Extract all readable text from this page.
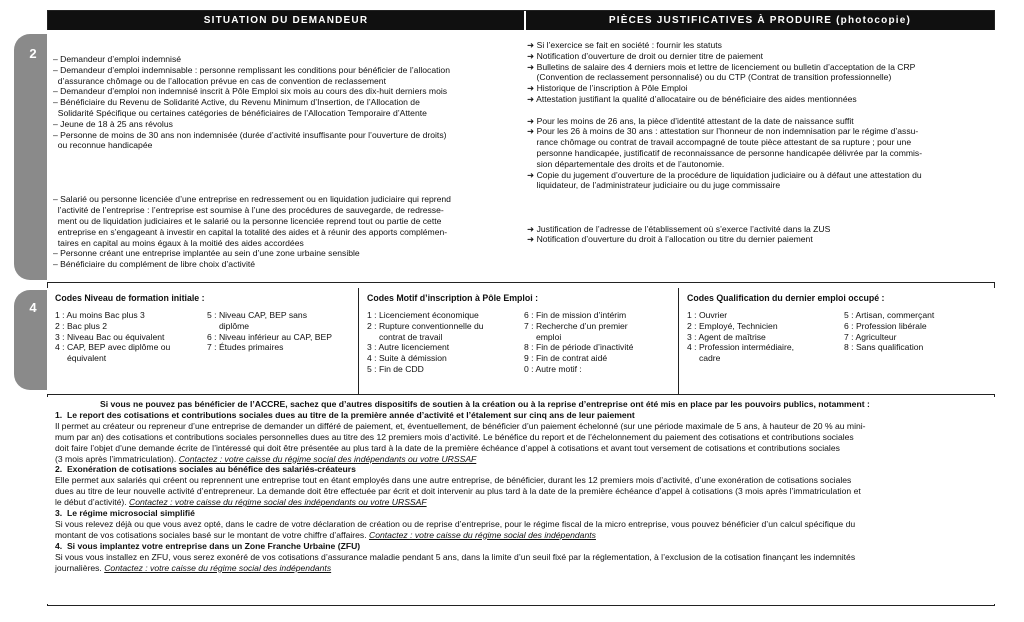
2
4
SITUATION DU DEMANDEUR	PIÈCES JUSTIFICATIVES À PRODUIRE (photocopie)
– Demandeur d’emploi indemnisé
– Demandeur d’emploi indemnisable : personne remplissant les conditions pour bénéficier de l’allocation
d’assurance chômage ou de l’allocation prévue en cas de convention de reclassement
– Demandeur d’emploi non indemnisé inscrit à Pôle Emploi six mois au cours des dix-huit derniers mois
– Bénéficiaire du Revenu de Solidarité Active, du Revenu Minimum d’Insertion, de l’Allocation de
Solidarité Spécifique ou certaines catégories de bénéficiaires de l’Allocation Temporaire d’Attente
– Jeune de 18 à 25 ans révolus
– Personne de moins de 30 ans non indemnisée (durée d’activité insuffisante pour l’ouverture de droits)
ou reconnue handicapée

– Salarié ou personne licenciée d’une entreprise en redressement ou en liquidation judiciaire qui reprend
l’activité de l’entreprise : l’entreprise est soumise à l’une des procédures de sauvegarde, de redresse-
ment ou de liquidation judiciaires et le salarié ou la personne licenciée reprend tout ou partie de cette
entreprise en s’engageant à investir en capital la totalité des aides et à réunir des apports complémen-
taires en capital au moins égaux à la moitié des aides accordées
– Personne créant une entreprise implantée au sein d’une zone urbaine sensible
– Bénéficiaire du complément de libre choix d’activité
➜ Si l’exercice se fait en société : fournir les statuts
➜ Notification d’ouverture de droit ou dernier titre de paiement
➜ Bulletins de salaire des 4 derniers mois et lettre de licenciement ou bulletin d’acceptation de la CRP
(Convention de reclassement personnalisé) ou du CTP (Contrat de transition professionnelle)
➜ Historique de l’inscription à Pôle Emploi
➜ Attestation justifiant la qualité d’allocataire ou de bénéficiaire des aides mentionnées

➜ Pour les moins de 26 ans, la pièce d’identité attestant de la date de naissance suffit
➜ Pour les 26 à moins de 30 ans : attestation sur l’honneur de non indemnisation par le régime d’assu-
rance chômage ou contrat de travail accompagné de toute pièce attestant de sa rupture ; pour une
personne handicapée, justificatif de reconnaissance de personne handicapée délivrée par la commis-
sion départementale des droits et de l’autonomie.
➜ Copie du jugement d’ouverture de la procédure de liquidation judiciaire ou à défaut une attestation du
liquidateur, de l’administrateur judiciaire ou du juge commissaire

➜ Justification de l’adresse de l’établissement où s’exerce l’activité dans la ZUS
➜ Notification d’ouverture du droit à l’allocation ou titre du dernier paiement
Codes Niveau de formation initiale :
1 : Au moins Bac plus 3
2 : Bac plus 2
3 : Niveau Bac ou équivalent
4 : CAP, BEP avec diplôme ou
équivalent
5 : Niveau CAP, BEP sans
diplôme
6 : Niveau inférieur au CAP, BEP
7 : Études primaires
Codes Motif d’inscription à Pôle Emploi :
1 : Licenciement économique
2 : Rupture conventionnelle du
contrat de travail
3 : Autre licenciement
4 : Suite à démission
5 : Fin de CDD
6 : Fin de mission d’intérim
7 : Recherche d’un premier
emploi
8 : Fin de période d’inactivité
9 : Fin de contrat aidé
0 : Autre motif :
Codes Qualification du dernier emploi occupé :
1 : Ouvrier
2 : Employé, Technicien
3 : Agent de maîtrise
4 : Profession intermédiaire,
cadre
5 : Artisan, commerçant
6 : Profession libérale
7 : Agriculteur
8 : Sans qualification
Si vous ne pouvez pas bénéficier de l’ACCRE, sachez que d’autres dispositifs de soutien à la création ou à la reprise d’entreprise ont été mis en place par les pouvoirs publics, notamment :
1.  Le report des cotisations et contributions sociales dues au titre de la première année d’activité et l’étalement sur cinq ans de leur paiement
Il permet au créateur ou repreneur d’une entreprise de demander un différé de paiement, et, éventuellement, de bénéficier d’un paiement échelonné (sur une période maximale de 5 ans, à hauteur de 20 % au mini-
mum par an) des cotisations et contributions sociales personnelles dues au titre des 12 premiers mois d’activité. Le bénéfice du report et de l’échelonnement du paiement des cotisations et contributions sociales
doit faire l’objet d’une demande écrite de l’intéressé qui doit être présentée au plus tard à la date de la première échéance d’appel à cotisations et avant tout versement de cotisations et contributions sociales
(3 mois après l’immatriculation). Contactez : votre caisse du régime social des indépendants ou votre URSSAF
2.  Exonération de cotisations sociales au bénéfice des salariés-créateurs
Elle permet aux salariés qui créent ou reprennent une entreprise tout en étant employés dans une autre entreprise, de bénéficier, durant les 12 premiers mois d’activité, d’une exonération de cotisations sociales
dues au titre de leur nouvelle activité d’entrepreneur. La demande doit être effectuée par écrit et doit intervenir au plus tard à la date de la première échéance d’appel à cotisations (3 mois après l’immatriculation et
le début d’activité). Contactez : votre caisse du régime social des indépendants ou votre URSSAF
3.  Le régime microsocial simplifié
Si vous relevez déjà ou que vous avez opté, dans le cadre de votre déclaration de création ou de reprise d’entreprise, pour le régime fiscal de la micro entreprise, vous pouvez bénéficier d’un calcul spécifique du
montant de vos cotisations sociales basé sur le montant de votre chiffre d’affaires. Contactez : votre caisse du régime social des indépendants
4.  Si vous implantez votre entreprise dans un Zone Franche Urbaine (ZFU)
Si vous vous installez en ZFU, vous serez exonéré de vos cotisations d’assurance maladie pendant 5 ans, dans la limite d’un seuil fixé par la réglementation, à l’exclusion de la cotisation finançant les indemnités
journalières. Contactez : votre caisse du régime social des indépendants
